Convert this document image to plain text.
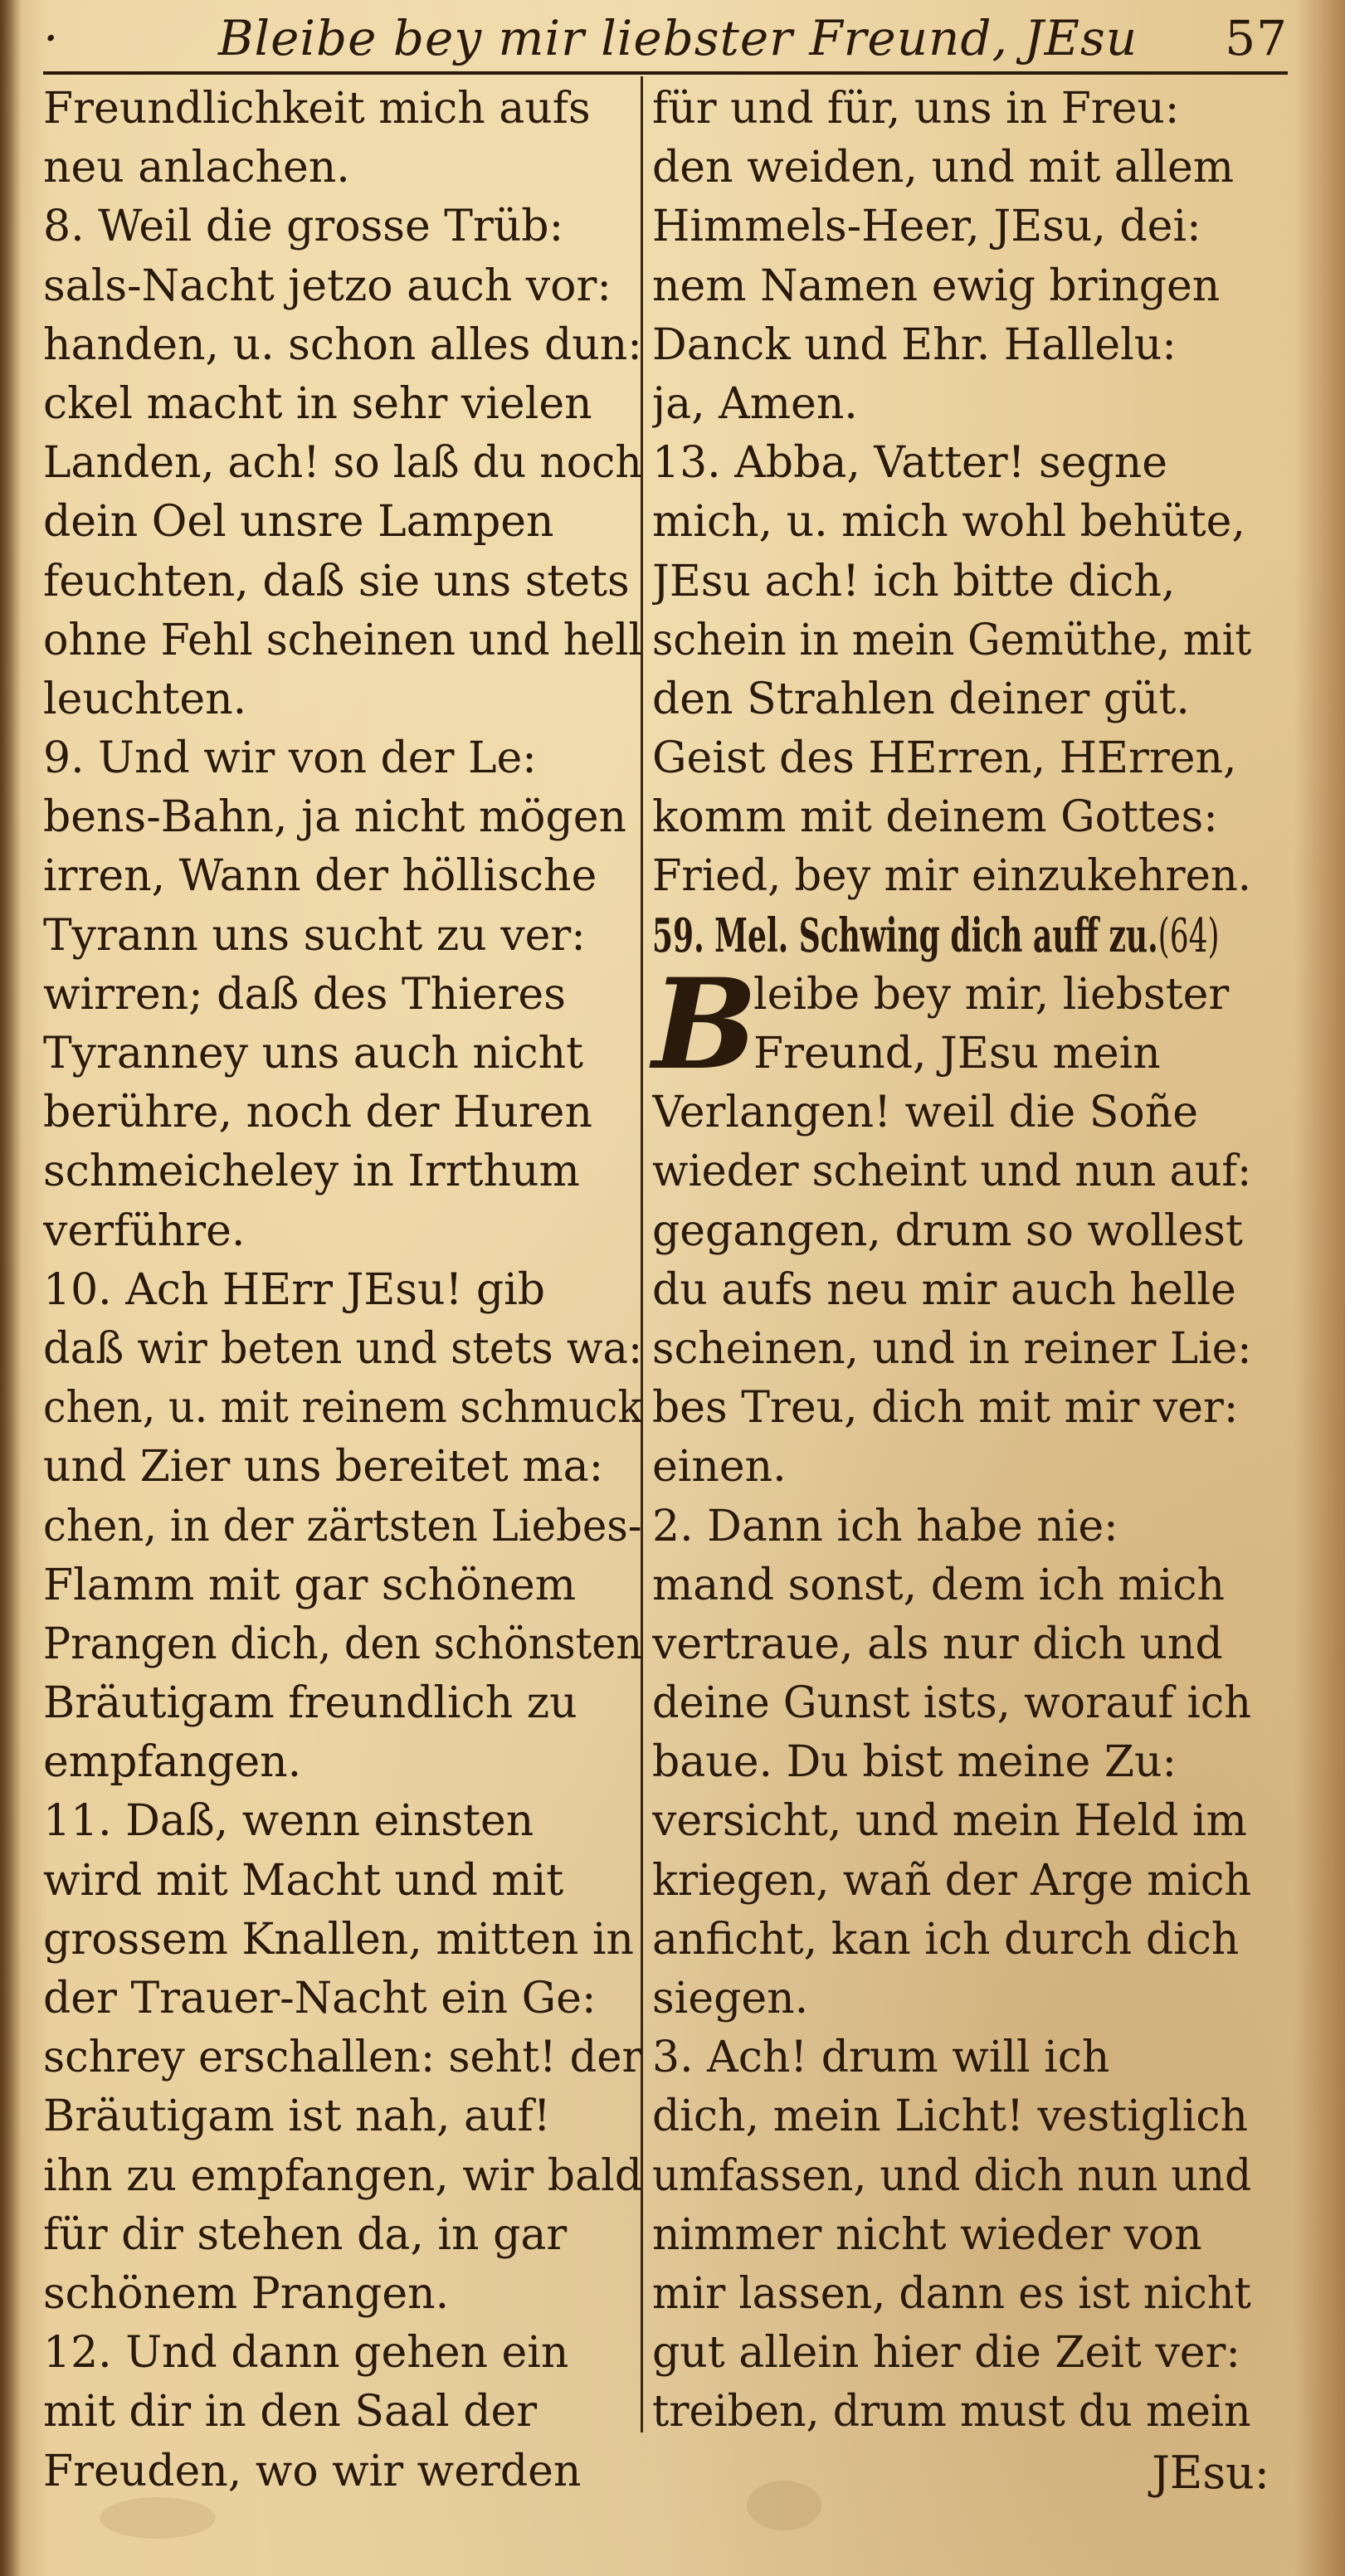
·	Bleibe bey mir liebster Freund, JEsu	57
Freundlichkeit mich aufs
neu anlachen.
8. Weil die grosse Trüb:
sals-Nacht jetzo auch vor:
handen, u. schon alles dun:
ckel macht in sehr vielen
Landen, ach! so laß du noch
dein Oel unsre Lampen
feuchten, daß sie uns stets
ohne Fehl scheinen und hell
leuchten.
9. Und wir von der Le:
bens-Bahn, ja nicht mögen
irren, Wann der höllische
Tyrann uns sucht zu ver:
wirren; daß des Thieres
Tyranney uns auch nicht
berühre, noch der Huren
schmeicheley in Irrthum
verführe.
10. Ach HErr JEsu! gib
daß wir beten und stets wa:
chen, u. mit reinem schmuck
und Zier uns bereitet ma:
chen, in der zärtsten Liebes-
Flamm mit gar schönem
Prangen dich, den schönsten
Bräutigam freundlich zu
empfangen.
11. Daß, wenn einsten
wird mit Macht und mit
grossem Knallen, mitten in
der Trauer-Nacht ein Ge:
schrey erschallen: seht! der
Bräutigam ist nah, auf!
ihn zu empfangen, wir bald
für dir stehen da, in gar
schönem Prangen.
12. Und dann gehen ein
mit dir in den Saal der
Freuden, wo wir werden
für und für, uns in Freu:
den weiden, und mit allem
Himmels-Heer, JEsu, dei:
nem Namen ewig bringen
Danck und Ehr. Hallelu:
ja, Amen.
13. Abba, Vatter! segne
mich, u. mich wohl behüte,
JEsu ach! ich bitte dich,
schein in mein Gemüthe, mit
den Strahlen deiner güt.
Geist des HErren, HErren,
komm mit deinem Gottes:
Fried, bey mir einzukehren.
59. Mel. Schwing dich auff zu. (64)
B
leibe bey mir, liebster
Freund, JEsu mein
Verlangen! weil die Soñe
wieder scheint und nun auf:
gegangen, drum so wollest
du aufs neu mir auch helle
scheinen, und in reiner Lie:
bes Treu, dich mit mir ver:
einen.
2. Dann ich habe nie:
mand sonst, dem ich mich
vertraue, als nur dich und
deine Gunst ists, worauf ich
baue. Du bist meine Zu:
versicht, und mein Held im
kriegen, wañ der Arge mich
anficht, kan ich durch dich
siegen.
3. Ach! drum will ich
dich, mein Licht! vestiglich
umfassen, und dich nun und
nimmer nicht wieder von
mir lassen, dann es ist nicht
gut allein hier die Zeit ver:
treiben, drum must du mein
JEsu:
